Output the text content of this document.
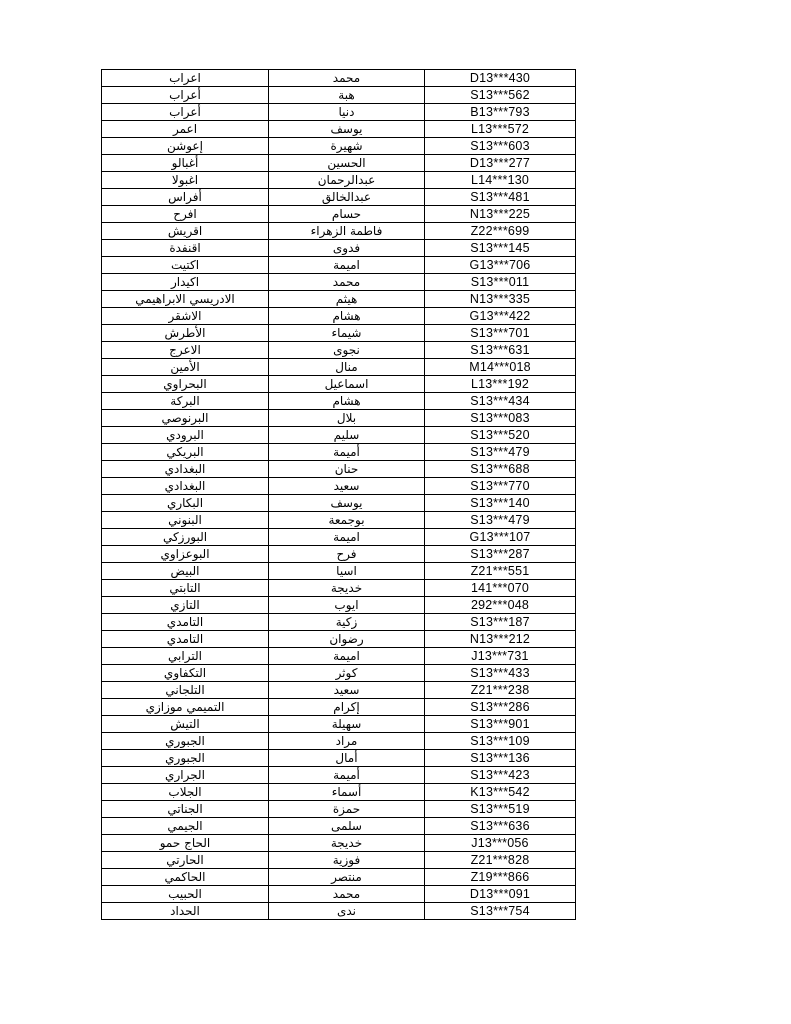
اعراب	محمد	D13***430
أعراب	هبة	S13***562
أعراب	دنيا	B13***793
اعمر	يوسف	L13***572
إعوشن	شهيرة	S13***603
أغبالو	الحسين	D13***277
اغبولا	عبدالرحمان	L14***130
أفراس	عبدالخالق	S13***481
افرح	حسام	N13***225
اقريش	فاطمة الزهراء	Z22***699
اقنفدة	فدوى	S13***145
اكتيت	اميمة	G13***706
اكيدار	محمد	S13***011
الادريسي الابراهيمي	هيثم	N13***335
الاشقر	هشام	G13***422
الأطرش	شيماء	S13***701
الاعرج	نجوى	S13***631
الأمين	منال	M14***018
البحراوي	اسماعيل	L13***192
البركة	هشام	S13***434
البرنوصي	بلال	S13***083
البرودي	سليم	S13***520
البريكي	أميمة	S13***479
البغدادي	حنان	S13***688
البغدادي	سعيد	S13***770
البكاري	يوسف	S13***140
البنوني	بوجمعة	S13***479
البورزكي	اميمة	G13***107
البوعزاوي	فرح	S13***287
البيض	اسيا	Z21***551
التابتي	خديجة	141***070
التازي	ايوب	292***048
التامدي	زكية	S13***187
التامدي	رضوان	N13***212
الترابي	اميمة	J13***731
التكفاوي	كوثر	S13***433
التلجاني	سعيد	Z21***238
التميمي موزازي	إكرام	S13***286
التيش	سهيلة	S13***901
الجبوري	مراد	S13***109
الجبوري	أمال	S13***136
الجراري	أميمة	S13***423
الجلاب	أسماء	K13***542
الجناتي	حمزة	S13***519
الجيمي	سلمى	S13***636
الحاج حمو	خديجة	J13***056
الحارتي	فوزية	Z21***828
الحاكمي	منتصر	Z19***866
الحبيب	محمد	D13***091
الحداد	ندى	S13***754
